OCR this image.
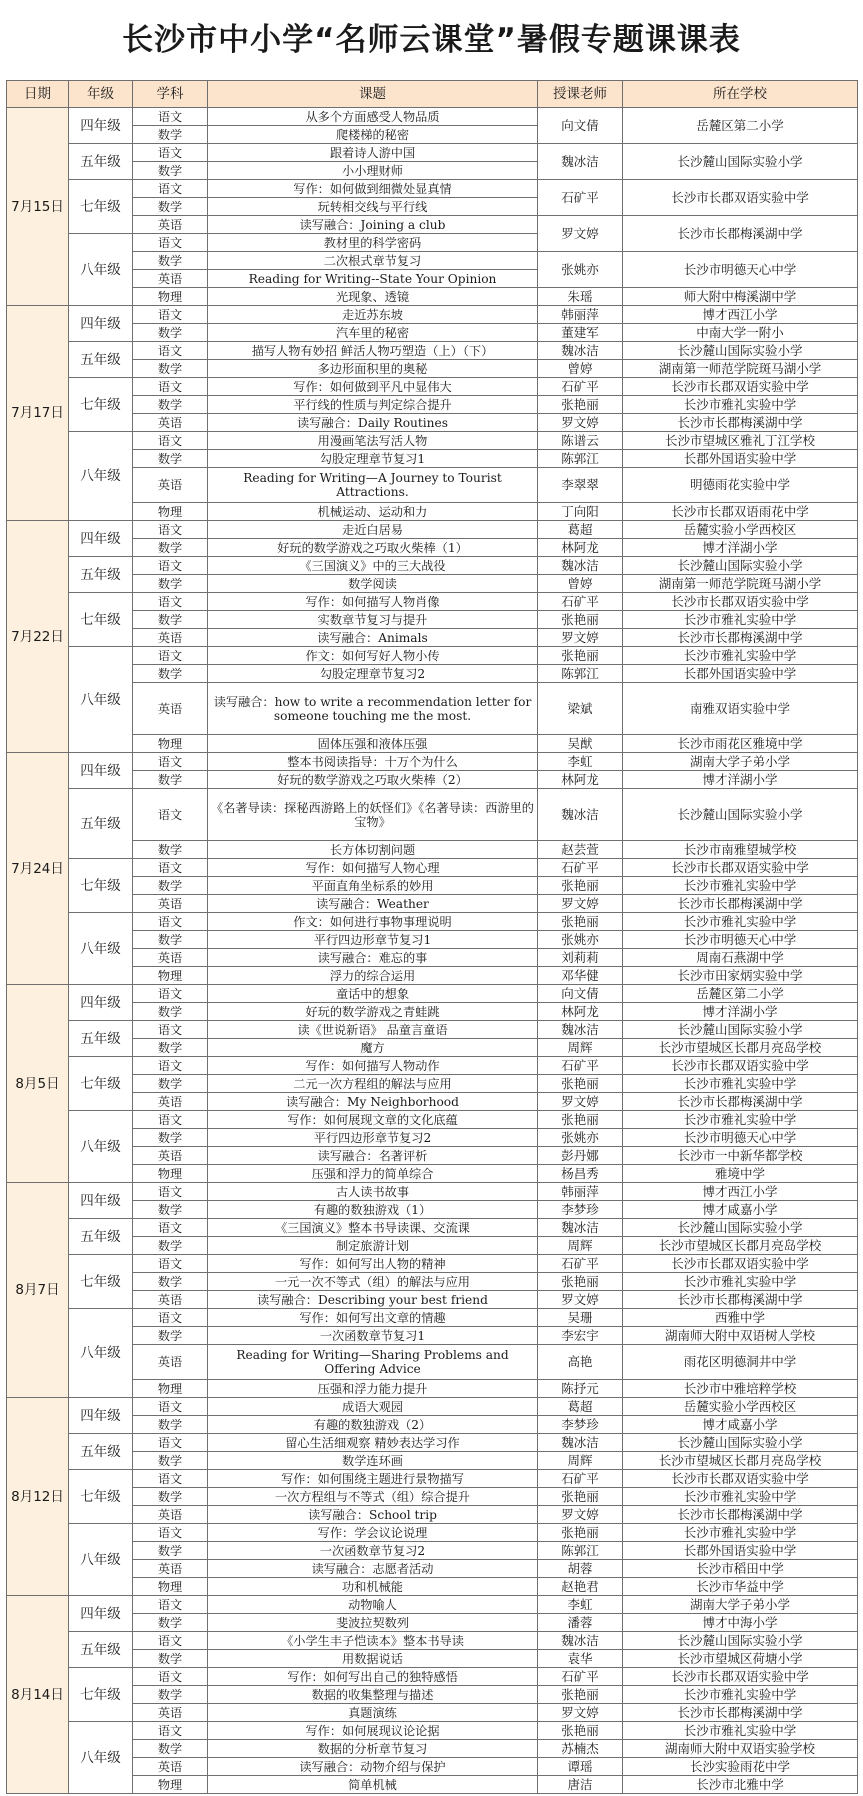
长沙市中小学“名师云课堂”暑假专题课课表
日期	年级	学科	课题	授课老师	所在学校	
7月15日	四年级	语文	从多个方面感受人物品质	向文倩	岳麓区第二小学	
		数学	爬楼梯的秘密			
	五年级	语文	跟着诗人游中国	魏冰洁	长沙麓山国际实验小学	
		数学	小小理财师			
	七年级	语文	写作：如何做到细微处显真情	石矿平	长沙市长郡双语实验中学	
		数学	玩转相交线与平行线			
		英语	读写融合：Joining a club	罗文婷	长沙市长郡梅溪湖中学	
	八年级	语文	教材里的科学密码			
		数学	二次根式章节复习	张姚亦	长沙市明德天心中学	
		英语	Reading for Writing--State Your Opinion			
		物理	光现象、透镜	朱瑶	师大附中梅溪湖中学	
7月17日	四年级	语文	走近苏东坡	韩丽萍	博才西江小学	
		数学	汽车里的秘密	董建军	中南大学一附小	
	五年级	语文	描写人物有妙招 鲜活人物巧塑造（上）（下）	魏冰洁	长沙麓山国际实验小学	
		数学	多边形面积里的奥秘	曾婷	湖南第一师范学院斑马湖小学	
	七年级	语文	写作：如何做到平凡中显伟大	石矿平	长沙市长郡双语实验中学	
		数学	平行线的性质与判定综合提升	张艳丽	长沙市雅礼实验中学	
		英语	读写融合：Daily Routines	罗文婷	长沙市长郡梅溪湖中学	
	八年级	语文	用漫画笔法写活人物	陈谱云	长沙市望城区雅礼丁江学校	
		数学	勾股定理章节复习1	陈郭江	长郡外国语实验中学	
		英语	Reading for Writing—A Journey to Tourist Attractions.	李翠翠	明德雨花实验中学	
		物理	机械运动、运动和力	丁向阳	长沙市长郡双语雨花中学	
7月22日	四年级	语文	走近白居易	葛超	岳麓实验小学西校区	
		数学	好玩的数学游戏之巧取火柴棒（1）	林阿龙	博才洋湖小学	
	五年级	语文	《三国演义》中的三大战役	魏冰洁	长沙麓山国际实验小学	
		数学	数学阅读	曾婷	湖南第一师范学院斑马湖小学	
	七年级	语文	写作：如何描写人物肖像	石矿平	长沙市长郡双语实验中学	
		数学	实数章节复习与提升	张艳丽	长沙市雅礼实验中学	
		英语	读写融合：Animals	罗文婷	长沙市长郡梅溪湖中学	
	八年级	语文	作文：如何写好人物小传	张艳丽	长沙市雅礼实验中学	
		数学	勾股定理章节复习2	陈郭江	长郡外国语实验中学	
		英语	读写融合：how to write a recommendation letter for someone touching me the most.	梁斌	南雅双语实验中学	
		物理	固体压强和液体压强	吴猷	长沙市雨花区雅境中学	
7月24日	四年级	语文	整本书阅读指导：十万个为什么	李虹	湖南大学子弟小学	
		数学	好玩的数学游戏之巧取火柴棒（2）	林阿龙	博才洋湖小学	
	五年级	语文	《名著导读：探秘西游路上的妖怪们》《名著导读：西游里的宝物》	魏冰洁	长沙麓山国际实验小学	
		数学	长方体切割问题	赵芸萱	长沙市南雅望城学校	
	七年级	语文	写作：如何描写人物心理	石矿平	长沙市长郡双语实验中学	
		数学	平面直角坐标系的妙用	张艳丽	长沙市雅礼实验中学	
		英语	读写融合：Weather	罗文婷	长沙市长郡梅溪湖中学	
	八年级	语文	作文：如何进行事物事理说明	张艳丽	长沙市雅礼实验中学	
		数学	平行四边形章节复习1	张姚亦	长沙市明德天心中学	
		英语	读写融合：难忘的事	刘莉莉	周南石燕湖中学	
		物理	浮力的综合运用	邓华健	长沙市田家炳实验中学	
8月5日	四年级	语文	童话中的想象	向文倩	岳麓区第二小学	
		数学	好玩的数学游戏之青蛙跳	林阿龙	博才洋湖小学	
	五年级	语文	读《世说新语》 品童言童语	魏冰洁	长沙麓山国际实验小学	
		数学	魔方	周辉	长沙市望城区长郡月亮岛学校	
	七年级	语文	写作：如何描写人物动作	石矿平	长沙市长郡双语实验中学	
		数学	二元一次方程组的解法与应用	张艳丽	长沙市雅礼实验中学	
		英语	读写融合：My Neighborhood	罗文婷	长沙市长郡梅溪湖中学	
	八年级	语文	写作：如何展现文章的文化底蕴	张艳丽	长沙市雅礼实验中学	
		数学	平行四边形章节复习2	张姚亦	长沙市明德天心中学	
		英语	读写融合：名著评析	彭丹娜	长沙市一中新华都学校	
		物理	压强和浮力的简单综合	杨昌秀	雅境中学	
8月7日	四年级	语文	古人读书故事	韩丽萍	博才西江小学	
		数学	有趣的数独游戏（1）	李梦珍	博才咸嘉小学	
	五年级	语文	《三国演义》整本书导读课、交流课	魏冰洁	长沙麓山国际实验小学	
		数学	制定旅游计划	周辉	长沙市望城区长郡月亮岛学校	
	七年级	语文	写作：如何写出人物的精神	石矿平	长沙市长郡双语实验中学	
		数学	一元一次不等式（组）的解法与应用	张艳丽	长沙市雅礼实验中学	
		英语	读写融合：Describing your best friend	罗文婷	长沙市长郡梅溪湖中学	
	八年级	语文	写作：如何写出文章的情趣	吴珊	西雅中学	
		数学	一次函数章节复习1	李宏宇	湖南师大附中双语树人学校	
		英语	Reading for Writing—Sharing Problems and Offering Advice	高艳	雨花区明德洞井中学	
		物理	压强和浮力能力提升	陈抒元	长沙市中雅培粹学校	
8月12日	四年级	语文	成语大观园	葛超	岳麓实验小学西校区	
		数学	有趣的数独游戏（2）	李梦珍	博才咸嘉小学	
	五年级	语文	留心生活细观察 精妙表达学习作	魏冰洁	长沙麓山国际实验小学	
		数学	数学连环画	周辉	长沙市望城区长郡月亮岛学校	
	七年级	语文	写作：如何围绕主题进行景物描写	石矿平	长沙市长郡双语实验中学	
		数学	一次方程组与不等式（组）综合提升	张艳丽	长沙市雅礼实验中学	
		英语	读写融合：School trip	罗文婷	长沙市长郡梅溪湖中学	
	八年级	语文	写作：学会议论说理	张艳丽	长沙市雅礼实验中学	
		数学	一次函数章节复习2	陈郭江	长郡外国语实验中学	
		英语	读写融合：志愿者活动	胡蓉	长沙市稻田中学	
		物理	功和机械能	赵艳君	长沙市华益中学	
8月14日	四年级	语文	动物喻人	李虹	湖南大学子弟小学	
		数学	斐波拉契数列	潘蓉	博才中海小学	
	五年级	语文	《小学生丰子恺读本》整本书导读	魏冰洁	长沙麓山国际实验小学	
		数学	用数据说话	袁华	长沙市望城区荷塘小学	
	七年级	语文	写作：如何写出自己的独特感悟	石矿平	长沙市长郡双语实验中学	
		数学	数据的收集整理与描述	张艳丽	长沙市雅礼实验中学	
		英语	真题演练	罗文婷	长沙市长郡梅溪湖中学	
	八年级	语文	写作：如何展现议论论据	张艳丽	长沙市雅礼实验中学	
		数学	数据的分析章节复习	苏楠杰	湖南师大附中双语实验学校	
		英语	读写融合：动物介绍与保护	谭瑶	长沙实验雨花中学	
		物理	简单机械	唐洁	长沙市北雅中学	
